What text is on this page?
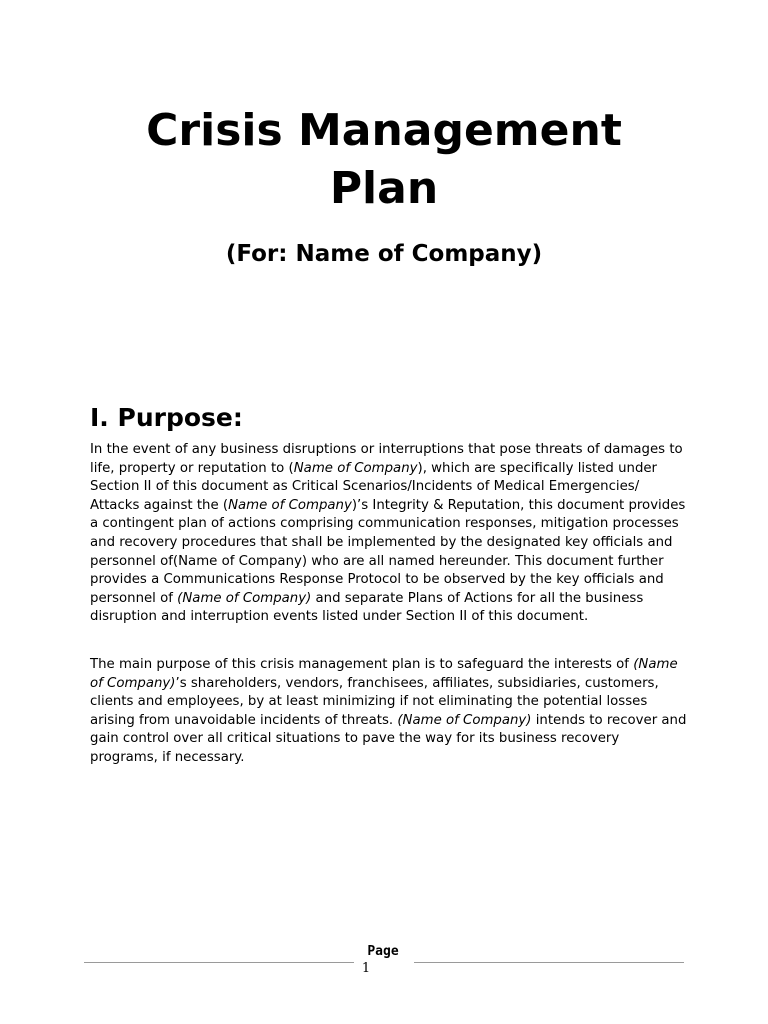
Crisis Management
Plan
(For: Name of Company)
I. Purpose:

In the event of any business disruptions or interruptions that pose threats of damages to life, property or reputation to (Name of Company), which are specifically listed under Section II of this document as Critical Scenarios/Incidents of Medical Emergencies/ Attacks against the (Name of Company)’s Integrity & Reputation, this document provides a contingent plan of actions comprising communication responses, mitigation processes and recovery procedures that shall be implemented by the designated key officials and personnel of(Name of Company) who are all named hereunder. This document further provides a Communications Response Protocol to be observed by the key officials and personnel of (Name of Company) and separate Plans of Actions for all the business disruption and interruption events listed under Section II of this document.

The main purpose of this crisis management plan is to safeguard the interests of (Name of Company)’s shareholders, vendors, franchisees, affiliates, subsidiaries, customers, clients and employees, by at least minimizing if not eliminating the potential losses arising from unavoidable incidents of threats. (Name of Company) intends to recover and gain control over all critical situations to pave the way for its business recovery programs, if necessary.

Page
1
